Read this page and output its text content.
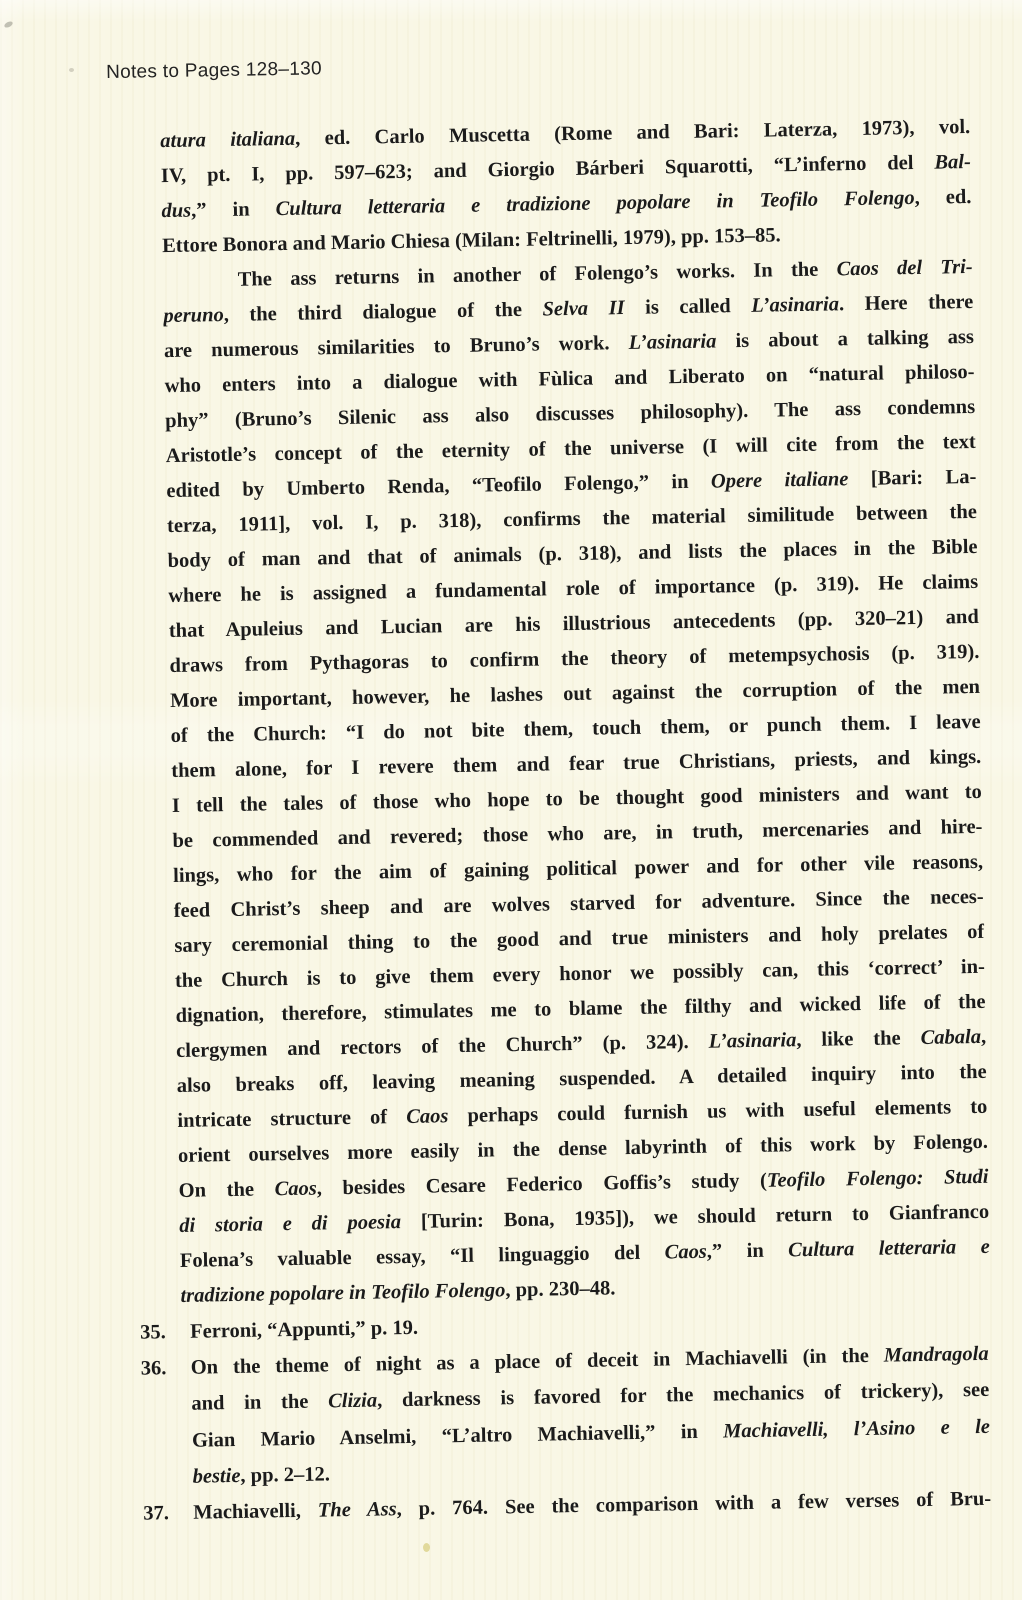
Notes to Pages 128–130
atura italiana, ed. Carlo Muscetta (Rome and Bari: Laterza, 1973), vol.
IV, pt. I, pp. 597–623; and Giorgio Bárberi Squarotti, “L’inferno del Bal-
dus,” in Cultura letteraria e tradizione popolare in Teofilo Folengo, ed.
Ettore Bonora and Mario Chiesa (Milan: Feltrinelli, 1979), pp. 153–85.
The ass returns in another of Folengo’s works. In the Caos del Tri-
peruno, the third dialogue of the Selva II is called L’asinaria. Here there
are numerous similarities to Bruno’s work. L’asinaria is about a talking ass
who enters into a dialogue with Fùlica and Liberato on “natural philoso-
phy” (Bruno’s Silenic ass also discusses philosophy). The ass condemns
Aristotle’s concept of the eternity of the universe (I will cite from the text
edited by Umberto Renda, “Teofilo Folengo,” in Opere italiane [Bari: La-
terza, 1911], vol. I, p. 318), confirms the material similitude between the
body of man and that of animals (p. 318), and lists the places in the Bible
where he is assigned a fundamental role of importance (p. 319). He claims
that Apuleius and Lucian are his illustrious antecedents (pp. 320–21) and
draws from Pythagoras to confirm the theory of metempsychosis (p. 319).
More important, however, he lashes out against the corruption of the men
of the Church: “I do not bite them, touch them, or punch them. I leave
them alone, for I revere them and fear true Christians, priests, and kings.
I tell the tales of those who hope to be thought good ministers and want to
be commended and revered; those who are, in truth, mercenaries and hire-
lings, who for the aim of gaining political power and for other vile reasons,
feed Christ’s sheep and are wolves starved for adventure. Since the neces-
sary ceremonial thing to the good and true ministers and holy prelates of
the Church is to give them every honor we possibly can, this ‘correct’ in-
dignation, therefore, stimulates me to blame the filthy and wicked life of the
clergymen and rectors of the Church” (p. 324). L’asinaria, like the Cabala,
also breaks off, leaving meaning suspended. A detailed inquiry into the
intricate structure of Caos perhaps could furnish us with useful elements to
orient ourselves more easily in the dense labyrinth of this work by Folengo.
On the Caos, besides Cesare Federico Goffis’s study (Teofilo Folengo: Studi
di storia e di poesia [Turin: Bona, 1935]), we should return to Gianfranco
Folena’s valuable essay, “Il linguaggio del Caos,” in Cultura letteraria e
tradizione popolare in Teofilo Folengo, pp. 230–48.
35.	Ferroni, “Appunti,” p. 19.
36.	On the theme of night as a place of deceit in Machiavelli (in the Mandragola
and in the Clizia, darkness is favored for the mechanics of trickery), see
Gian Mario Anselmi, “L’altro Machiavelli,” in Machiavelli, l’Asino e le
bestie, pp. 2–12.
37.	Machiavelli, The Ass, p. 764. See the comparison with a few verses of Bru-
